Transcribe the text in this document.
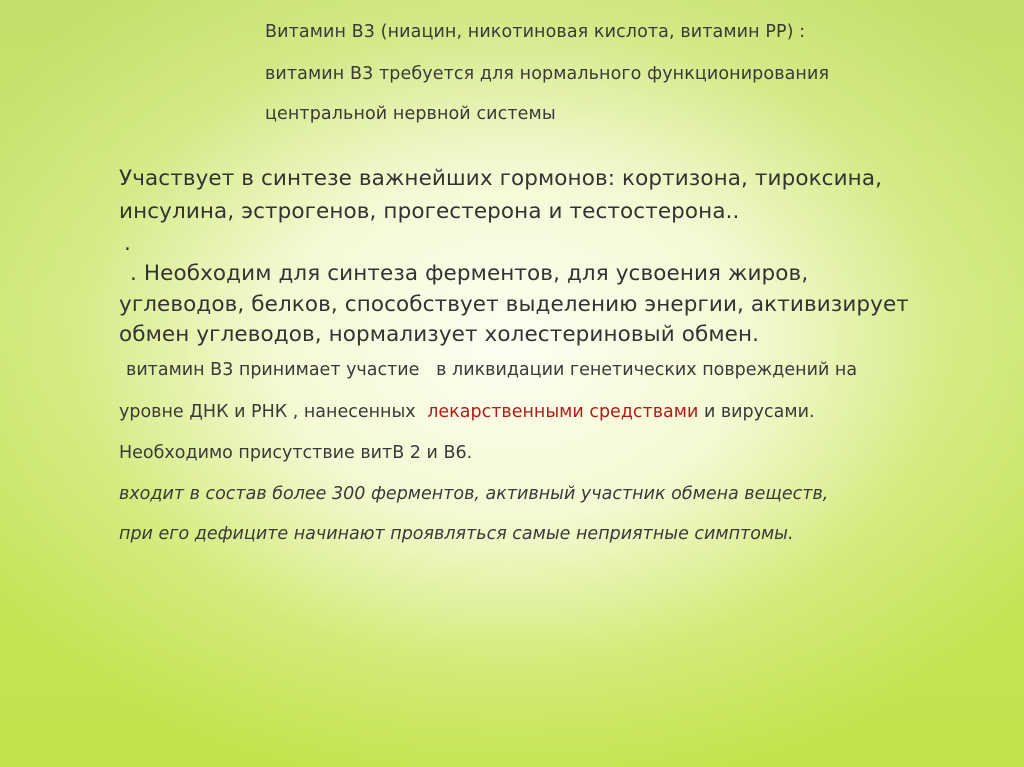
Витамин В3 (ниацин, никотиновая кислота, витамин PP) :

витамин В3 требуется для нормального функционирования

центральной нервной системы

Участвует в синтезе важнейших гормонов: кортизона, тироксина,

инсулина, эстрогенов, прогестерона и тестостерона..

.

. Необходим для синтеза ферментов, для усвоения жиров,

углеводов, белков, способствует выделению энергии, активизирует

обмен углеводов, нормализует холестериновый обмен.

витамин В3 принимает участие   в ликвидации генетических повреждений на

уровне ДНК и РНК , нанесенных лекарственными средствами и вирусами.

Необходимо присутствие витВ 2 и В6.

входит в состав более 300 ферментов, активный участник обмена веществ,

при его дефиците начинают проявляться самые неприятные симптомы.
